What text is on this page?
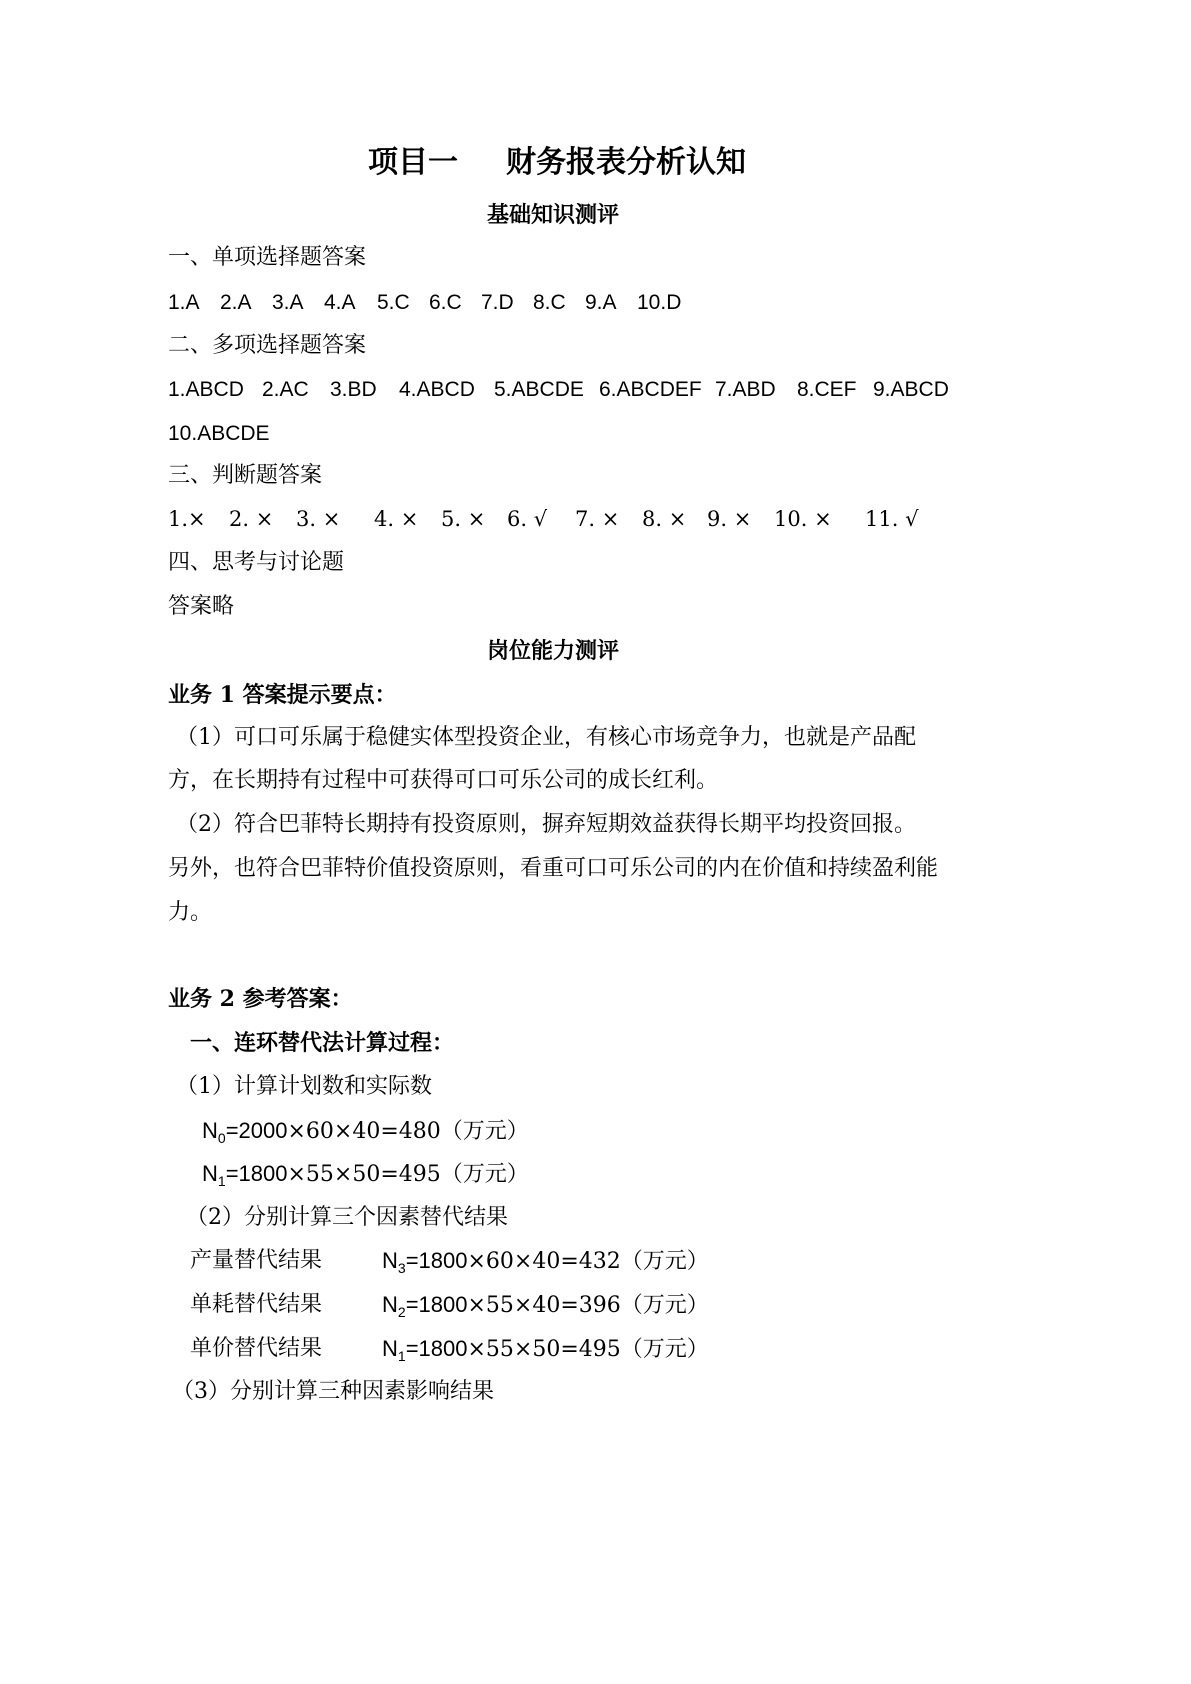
项目一 财务报表分析认知
基础知识测评
一、单项选择题答案
1.A 2.A 3.A 4.A	5.C 6.C 7.D 8.C 9.A 10.D
二、多项选择题答案
1.ABCD 2.AC	3.BD	4.ABCD 5.ABCDE 6.ABCDEF 7.ABD	8.CEF 9.ABCD
10.ABCDE
三、判断题答案
1.×	2. ×	3. ×	4. ×	5. ×	6. √	7. ×	8. × 9. ×	10. ×	11. √
四、思考与讨论题
答案略
岗位能力测评
业务 1 答案提示要点：
（1）可口可乐属于稳健实体型投资企业，有核心市场竞争力，也就是产品配
方，在长期持有过程中可获得可口可乐公司的成长红利。
（2）符合巴菲特长期持有投资原则，摒弃短期效益获得长期平均投资回报。
另外，也符合巴菲特价值投资原则，看重可口可乐公司的内在价值和持续盈利能
力。
业务 2 参考答案：
一、连环替代法计算过程：
（1）计算计划数和实际数
$N_0=2000\times 60\times 40=480$（万元）
$N_1=1800\times 55\times 50=495$（万元）
（2）分别计算三个因素替代结果
产量替代结果	$N_3=1800\times 60\times 40=432$（万元）
单耗替代结果	$N_2=1800\times 55\times 40=396$（万元）
单价替代结果	$N_1=1800\times 55\times 50=495$（万元）
（3）分别计算三种因素影响结果
